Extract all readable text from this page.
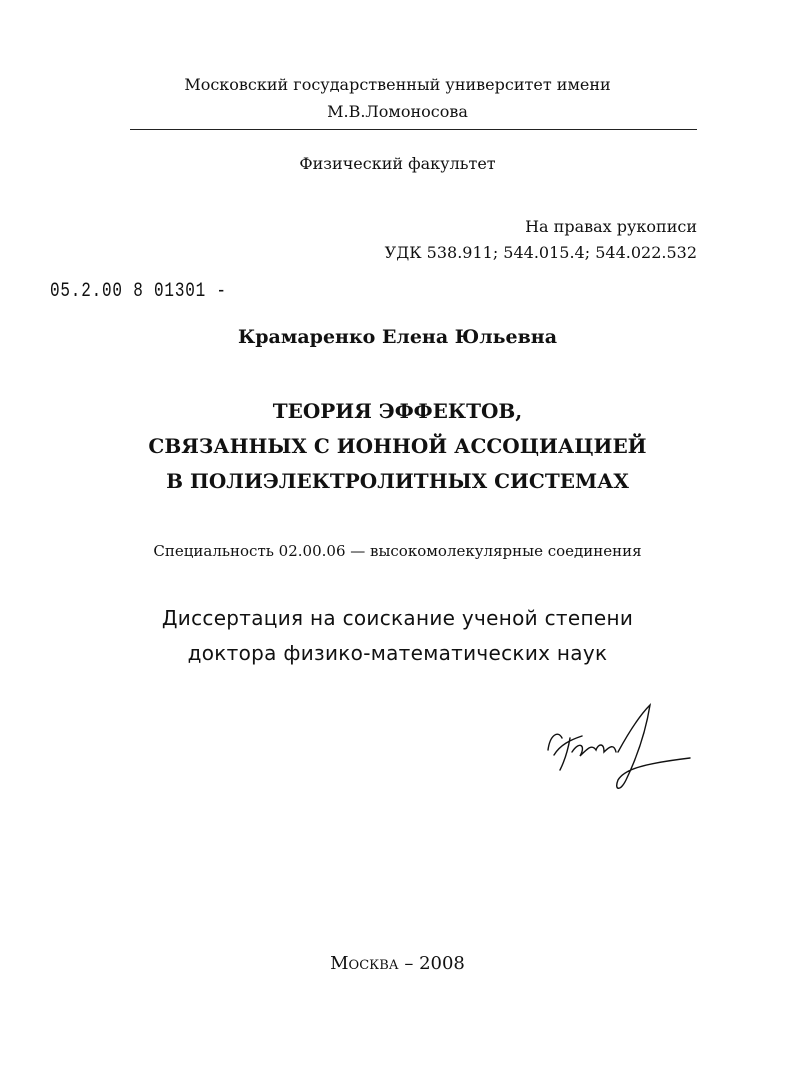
Московский государственный университет имени
М.В.Ломоносова
Физический факультет
На правах рукописи
УДК 538.911; 544.015.4; 544.022.532
05.2.00 8 01301 -
Крамаренко Елена Юльевна
ТЕОРИЯ ЭФФЕКТОВ,
СВЯЗАННЫХ С ИОННОЙ АССОЦИАЦИЕЙ
В ПОЛИЭЛЕКТРОЛИТНЫХ СИСТЕМАХ
Специальность 02.00.06 — высокомолекулярные соединения
Диссертация на соискание ученой степени
доктора физико-математических наук
Москва – 2008
